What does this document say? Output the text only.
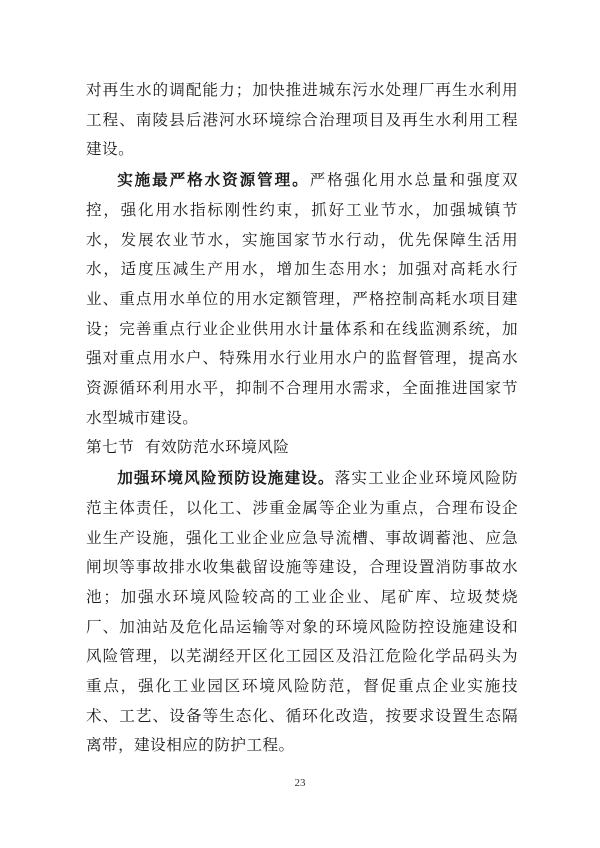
对再生水的调配能力；加快推进城东污水处理厂再生水利用工程、南陵县后港河水环境综合治理项目及再生水利用工程建设。

实施最严格水资源管理。严格强化用水总量和强度双控，强化用水指标刚性约束，抓好工业节水，加强城镇节水，发展农业节水，实施国家节水行动，优先保障生活用水，适度压减生产用水，增加生态用水；加强对高耗水行业、重点用水单位的用水定额管理，严格控制高耗水项目建设；完善重点行业企业供用水计量体系和在线监测系统，加强对重点用水户、特殊用水行业用水户的监督管理，提高水资源循环利用水平，抑制不合理用水需求，全面推进国家节水型城市建设。

第七节  有效防范水环境风险

加强环境风险预防设施建设。落实工业企业环境风险防范主体责任，以化工、涉重金属等企业为重点，合理布设企业生产设施，强化工业企业应急导流槽、事故调蓄池、应急闸坝等事故排水收集截留设施等建设，合理设置消防事故水池；加强水环境风险较高的工业企业、尾矿库、垃圾焚烧厂、加油站及危化品运输等对象的环境风险防控设施建设和风险管理，以芜湖经开区化工园区及沿江危险化学品码头为重点，强化工业园区环境风险防范，督促重点企业实施技术、工艺、设备等生态化、循环化改造，按要求设置生态隔离带，建设相应的防护工程。

23
